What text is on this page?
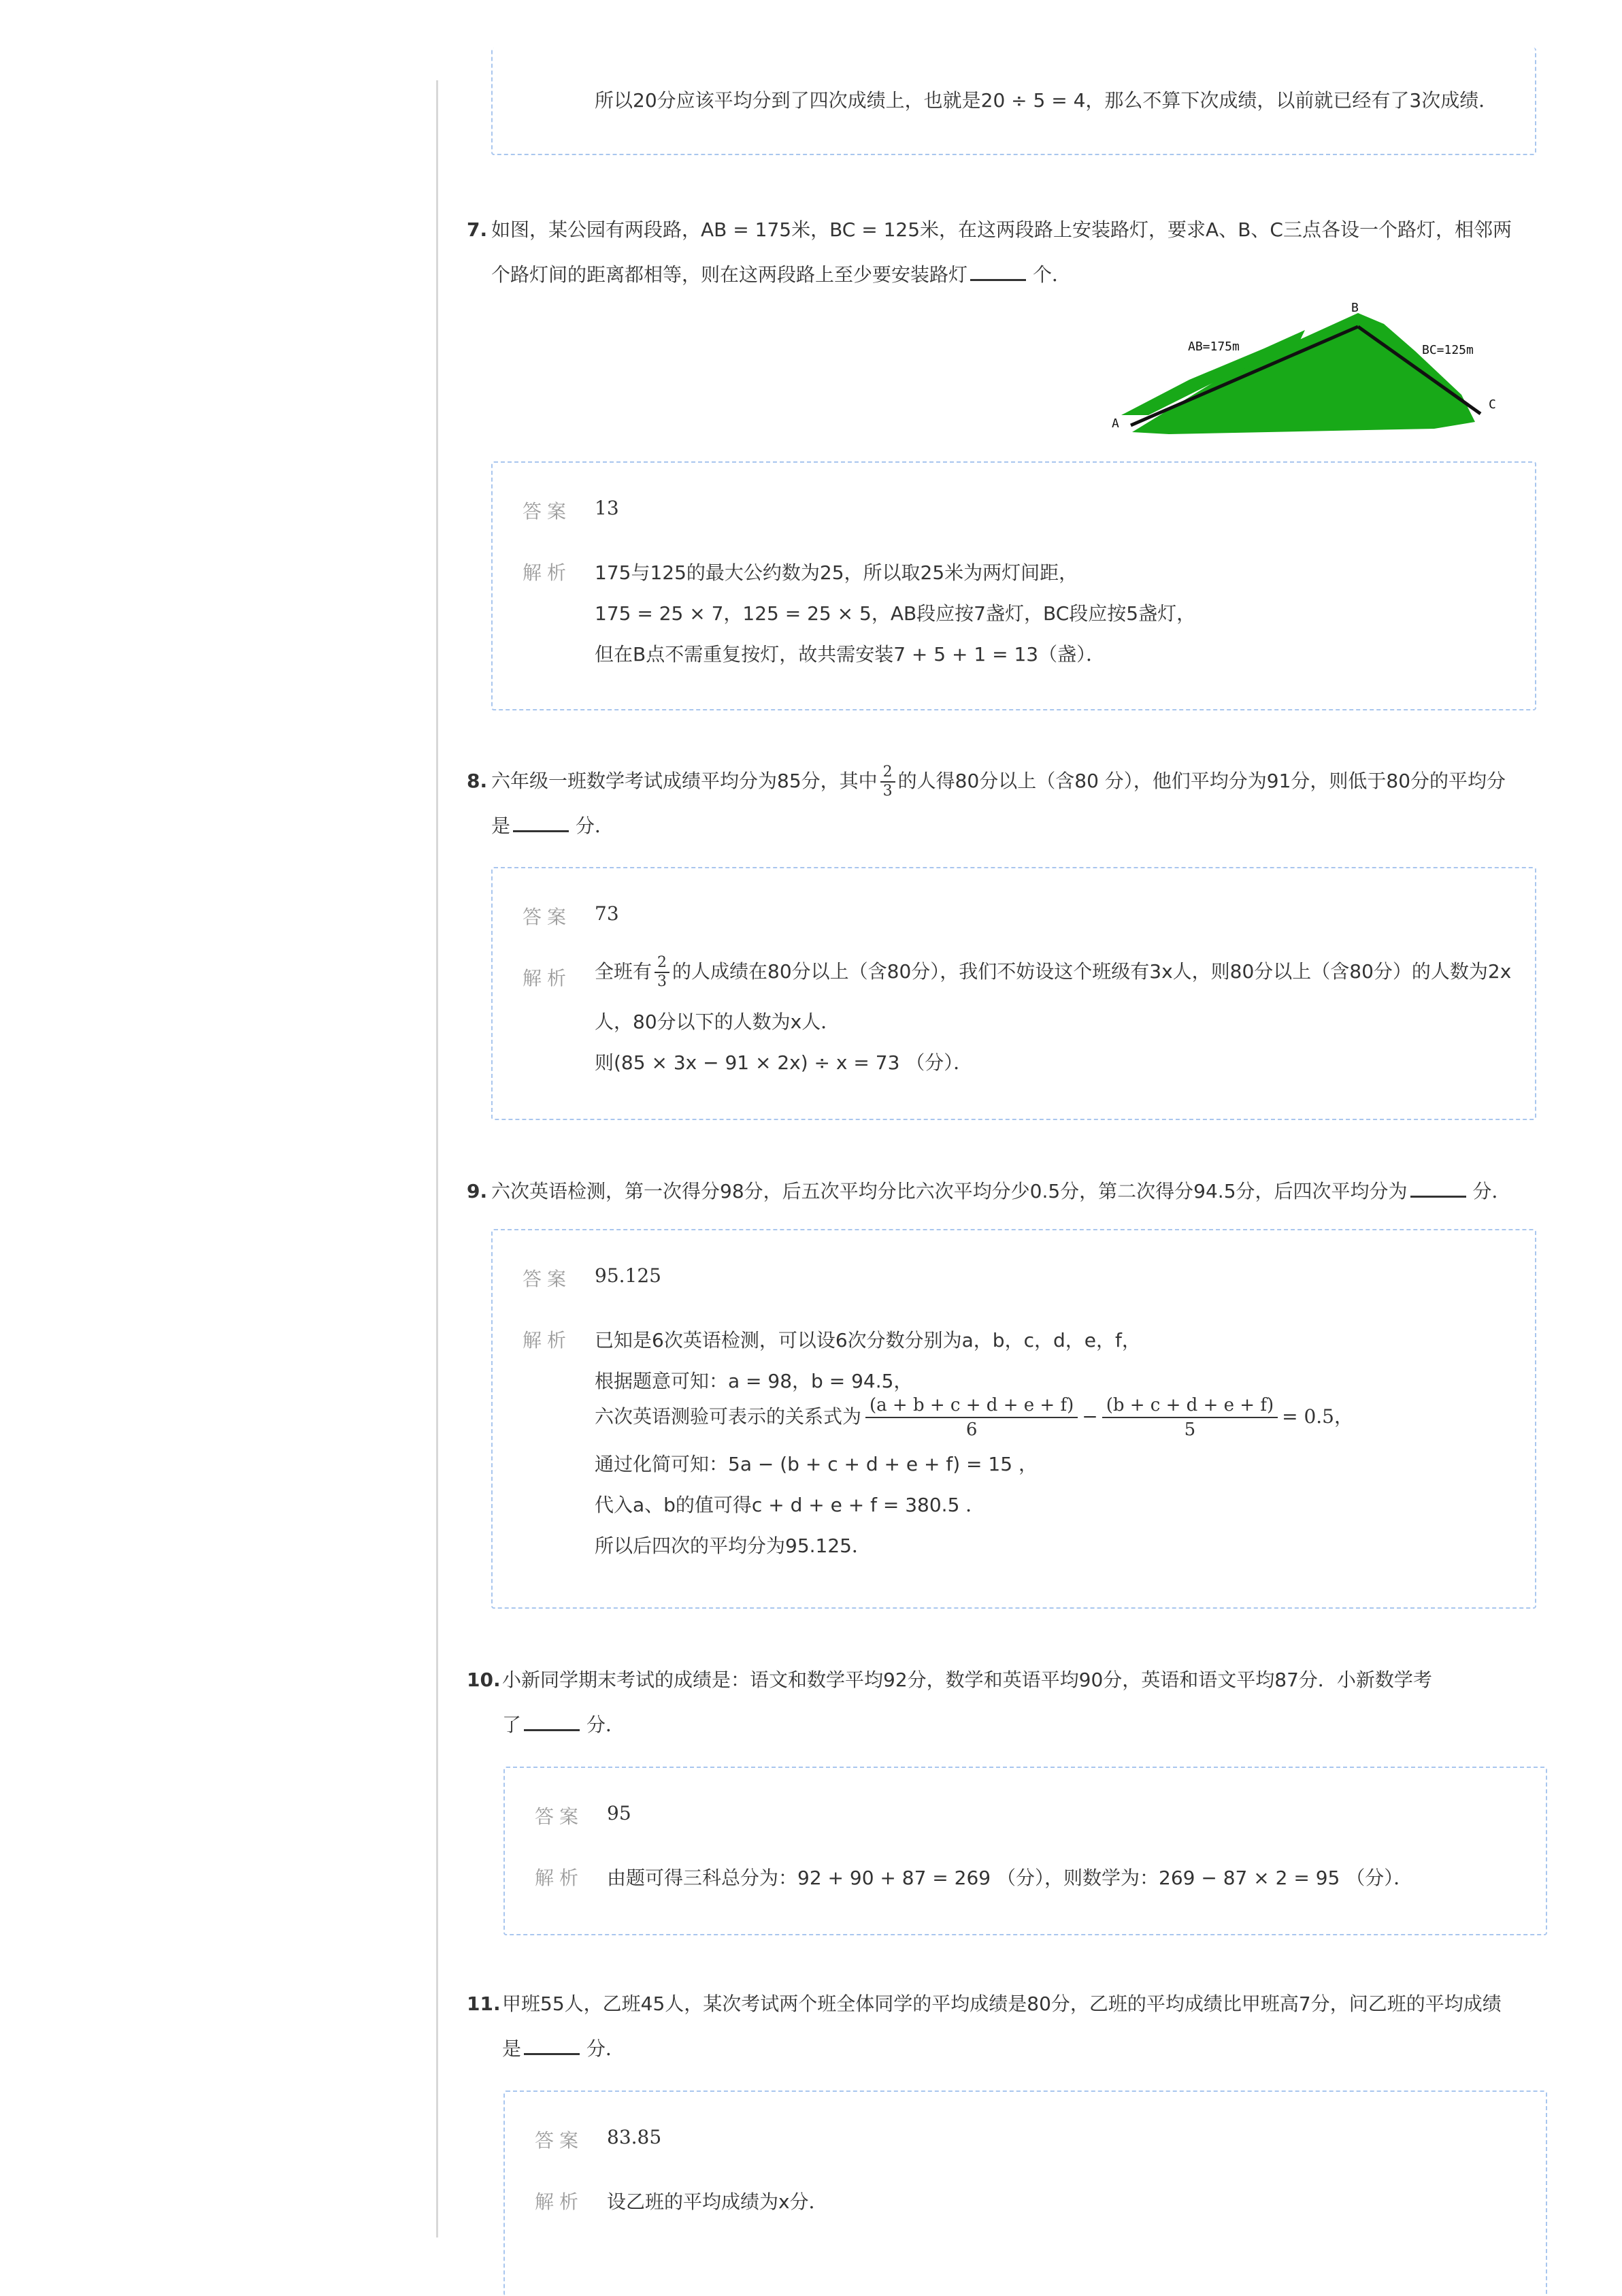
所以20分应该平均分到了四次成绩上，也就是20 ÷ 5 = 4，那么不算下次成绩，以前就已经有了3次成绩．
7. 如图，某公园有两段路，AB = 175米，BC = 125米，在这两段路上安装路灯，要求A、B、C三点各设一个路灯，相邻两
个路灯间的距离都相等，则在这两段路上至少要安装路灯	个．
AB=175m	BC=125m
A
B
C
答案 13
解析 175与125的最大公约数为25，所以取25米为两灯间距，
175 = 25 × 7，125 = 25 × 5，AB段应按7盏灯，BC段应按5盏灯，
但在B点不需重复按灯，故共需安装7 + 5 + 1 = 13（盏）．
8. 六年级一班数学考试成绩平均分为85分，其中 $\frac{2}{3}$ 的人得80分以上（含80 分），他们平均分为91分，则低于80分的平均分
是	分．
答案 73
解析 全班有 $\frac{2}{3}$ 的人成绩在80分以上（含80分），我们不妨设这个班级有3x人，则80分以上（含80分）的人数为2x
人，80分以下的人数为x人．
则(85 × 3x − 91 × 2x) ÷ x = 73 （分）．
9. 六次英语检测，第一次得分98分，后五次平均分比六次平均分少0.5分，第二次得分94.5分，后四次平均分为	分．
答案 95.125
解析 已知是6次英语检测，可以设6次分数分别为a，b，c，d，e，f，
根据题意可知：a = 98，b = 94.5，
六次英语测验可表示的关系式为 $\frac{(a + b + c + d + e + f)}{6} - \frac{(b + c + d + e + f)}{5} = 0.5$，
通过化简可知：5a − (b + c + d + e + f) = 15 ，
代入a、b的值可得c + d + e + f = 380.5 ．
所以后四次的平均分为95.125．
10. 小新同学期末考试的成绩是：语文和数学平均92分，数学和英语平均90分，英语和语文平均87分．小新数学考
了	分．
答案 95
解析 由题可得三科总分为：92 + 90 + 87 = 269 （分），则数学为：269 − 87 × 2 = 95 （分）．
11. 甲班55人，乙班45人，某次考试两个班全体同学的平均成绩是80分，乙班的平均成绩比甲班高7分，问乙班的平均成绩
是	分．
答案 83.85
解析 设乙班的平均成绩为x分．
